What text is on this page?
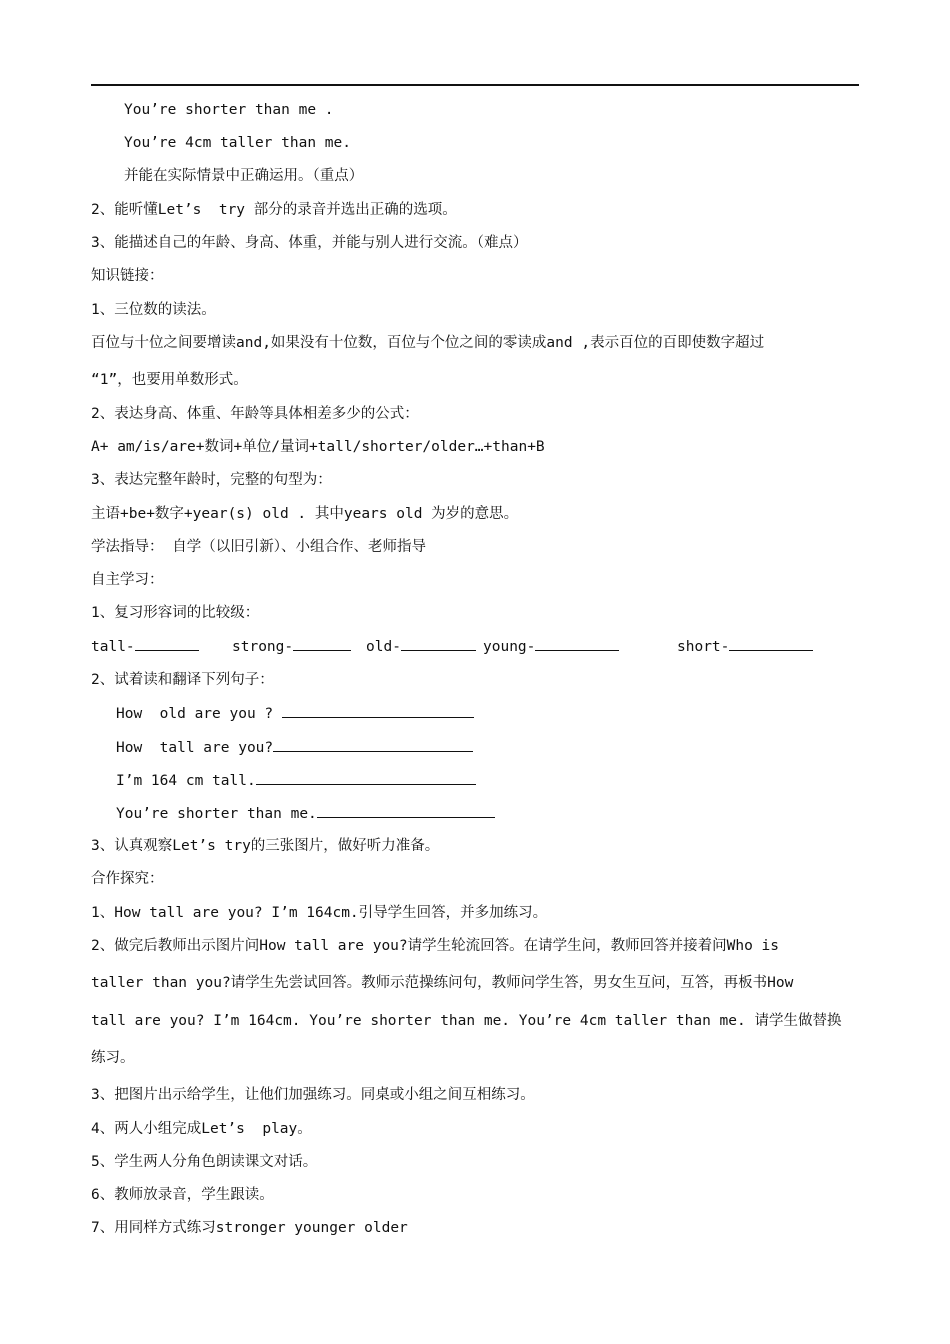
You’re shorter than me .
You’re 4cm taller than me.
并能在实际情景中正确运用。（重点）
2、能听懂Let’s  try 部分的录音并选出正确的选项。
3、能描述自己的年龄、身高、体重，并能与别人进行交流。（难点）
知识链接：
1、三位数的读法。
百位与十位之间要增读and,如果没有十位数，百位与个位之间的零读成and ,表示百位的百即使数字超过
“1”，也要用单数形式。
2、表达身高、体重、年龄等具体相差多少的公式：
A+ am/is/are+数词+单位/量词+tall/shorter/older…+than+B
3、表达完整年龄时，完整的句型为：
主语+be+数字+year(s) old . 其中years old 为岁的意思。
学法指导： 自学（以旧引新）、小组合作、老师指导
自主学习：
1、复习形容词的比较级：
tall-	strong-	old-	young-	short-
2、试着读和翻译下列句子：
How  old are you ?
How  tall are you?
I’m 164 cm tall.
You’re shorter than me.
3、认真观察Let’s try的三张图片，做好听力准备。
合作探究：
1、How tall are you? I’m 164cm.引导学生回答，并多加练习。
2、做完后教师出示图片问How tall are you?请学生轮流回答。在请学生问，教师回答并接着问Who is
taller than you?请学生先尝试回答。教师示范操练问句，教师问学生答，男女生互问，互答，再板书How
tall are you? I’m 164cm. You’re shorter than me. You’re 4cm taller than me. 请学生做替换
练习。
3、把图片出示给学生，让他们加强练习。同桌或小组之间互相练习。
4、两人小组完成Let’s  play。
5、学生两人分角色朗读课文对话。
6、教师放录音，学生跟读。
7、用同样方式练习stronger younger older
